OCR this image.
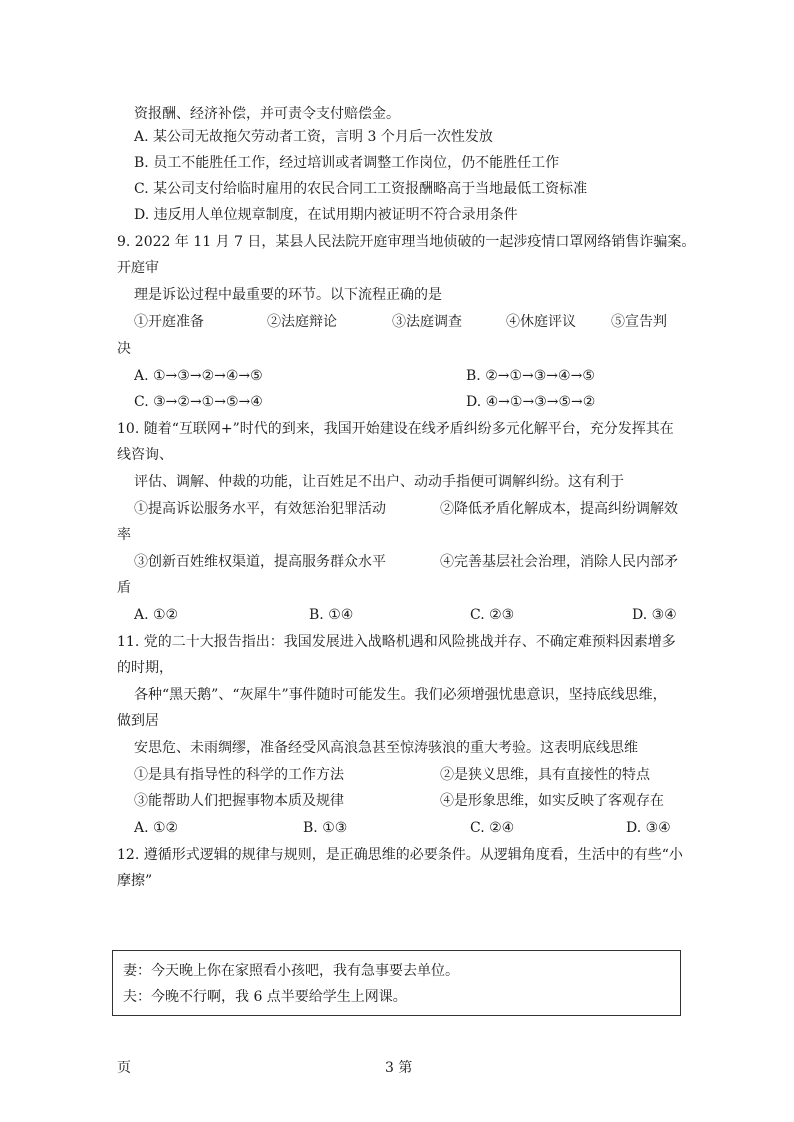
资报酬、经济补偿，并可责令支付赔偿金。
A. 某公司无故拖欠劳动者工资，言明 3 个月后一次性发放
B. 员工不能胜任工作，经过培训或者调整工作岗位，仍不能胜任工作
C. 某公司支付给临时雇用的农民合同工工资报酬略高于当地最低工资标准
D. 违反用人单位规章制度，在试用期内被证明不符合录用条件
9. 2022 年 11 月 7 日，某县人民法院开庭审理当地侦破的一起涉疫情口罩网络销售诈骗案。
开庭审
理是诉讼过程中最重要的环节。以下流程正确的是
①开庭准备	②法庭辩论	③法庭调查	④休庭评议	⑤宣告判
决
A. ①→③→②→④→⑤	B. ②→①→③→④→⑤
C. ③→②→①→⑤→④	D. ④→①→③→⑤→②
10. 随着“互联网+”时代的到来，我国开始建设在线矛盾纠纷多元化解平台，充分发挥其在
线咨询、
评估、调解、仲裁的功能，让百姓足不出户、动动手指便可调解纠纷。这有利于
①提高诉讼服务水平，有效惩治犯罪活动	②降低矛盾化解成本，提高纠纷调解效
率
③创新百姓维权渠道，提高服务群众水平	④完善基层社会治理，消除人民内部矛
盾
A. ①②	B. ①④	C. ②③	D. ③④
11. 党的二十大报告指出：我国发展进入战略机遇和风险挑战并存、不确定难预料因素增多
的时期，
各种“黑天鹅”、“灰犀牛”事件随时可能发生。我们必须增强忧患意识，坚持底线思维，
做到居
安思危、未雨绸缪，准备经受风高浪急甚至惊涛骇浪的重大考验。这表明底线思维
①是具有指导性的科学的工作方法	②是狭义思维，具有直接性的特点
③能帮助人们把握事物本质及规律	④是形象思维，如实反映了客观存在
A. ①②	B. ①③	C. ②④	D. ③④
12. 遵循形式逻辑的规律与规则，是正确思维的必要条件。从逻辑角度看，生活中的有些“小
摩擦”
妻：今天晚上你在家照看小孩吧，我有急事要去单位。
夫：今晚不行啊，我 6 点半要给学生上网课。
页	3 第
